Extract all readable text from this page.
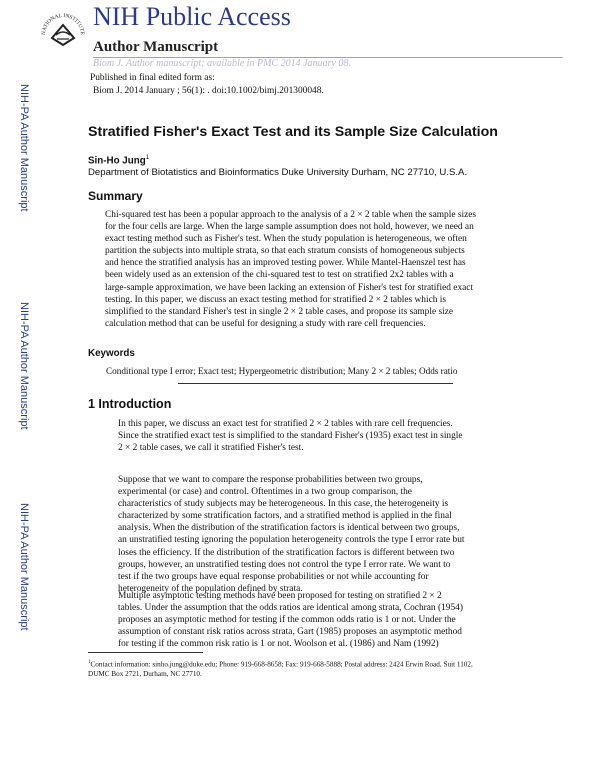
NATIONAL INSTITUTE
NIH Public Access
Author Manuscript
Biom J. Author manuscript; available in PMC 2014 January 08.
Published in final edited form as:
Biom J. 2014 January ; 56(1): . doi:10.1002/bimj.201300048.
NIH-PA Author Manuscript
NIH-PA Author Manuscript
NIH-PA Author Manuscript
Stratified Fisher's Exact Test and its Sample Size Calculation
Sin-Ho Jung$^1$
Department of Biotatistics and Bioinformatics Duke University Durham, NC 27710, U.S.A.
Summary
Chi-squared test has been a popular approach to the analysis of a 2 × 2 table when the sample sizes
for the four cells are large. When the large sample assumption does not hold, however, we need an
exact testing method such as Fisher's test. When the study population is heterogeneous, we often
partition the subjects into multiple strata, so that each stratum consists of homogeneous subjects
and hence the stratified analysis has an improved testing power. While Mantel-Haenszel test has
been widely used as an extension of the chi-squared test to test on stratified 2x2 tables with a
large-sample approximation, we have been lacking an extension of Fisher's test for stratified exact
testing. In this paper, we discuss an exact testing method for stratified 2 × 2 tables which is
simplified to the standard Fisher's test in single 2 × 2 table cases, and propose its sample size
calculation method that can be useful for designing a study with rare cell frequencies.
Keywords
Conditional type I error; Exact test; Hypergeometric distribution; Many 2 × 2 tables; Odds ratio
1 Introduction
In this paper, we discuss an exact test for stratified 2 × 2 tables with rare cell frequencies.
Since the stratified exact test is simplified to the standard Fisher's (1935) exact test in single
2 × 2 table cases, we call it stratified Fisher's test.
Suppose that we want to compare the response probabilities between two groups,
experimental (or case) and control. Oftentimes in a two group comparison, the
characteristics of study subjects may be heterogeneous. In this case, the heterogeneity is
characterized by some stratification factors, and a stratified method is applied in the final
analysis. When the distribution of the stratification factors is identical between two groups,
an unstratified testing ignoring the population heterogeneity controls the type I error rate but
loses the efficiency. If the distribution of the stratification factors is different between two
groups, however, an unstratified testing does not control the type I error rate. We want to
test if the two groups have equal response probabilities or not while accounting for
heterogeneity of the population defined by strata.
Multiple asymptotic testing methods have been proposed for testing on stratified 2 × 2
tables. Under the assumption that the odds ratios are identical among strata, Cochran (1954)
proposes an asymptotic method for testing if the common odds ratio is 1 or not. Under the
assumption of constant risk ratios across strata, Gart (1985) proposes an asymptotic method
for testing if the common risk ratio is 1 or not. Woolson et al. (1986) and Nam (1992)
$^1$Contact information: sinho.jung@duke.edu; Phone: 919-668-8658; Fax: 919-668-5888; Postal address: 2424 Erwin Road, Suit 1102,
DUMC Box 2721, Durham, NC 27710.
